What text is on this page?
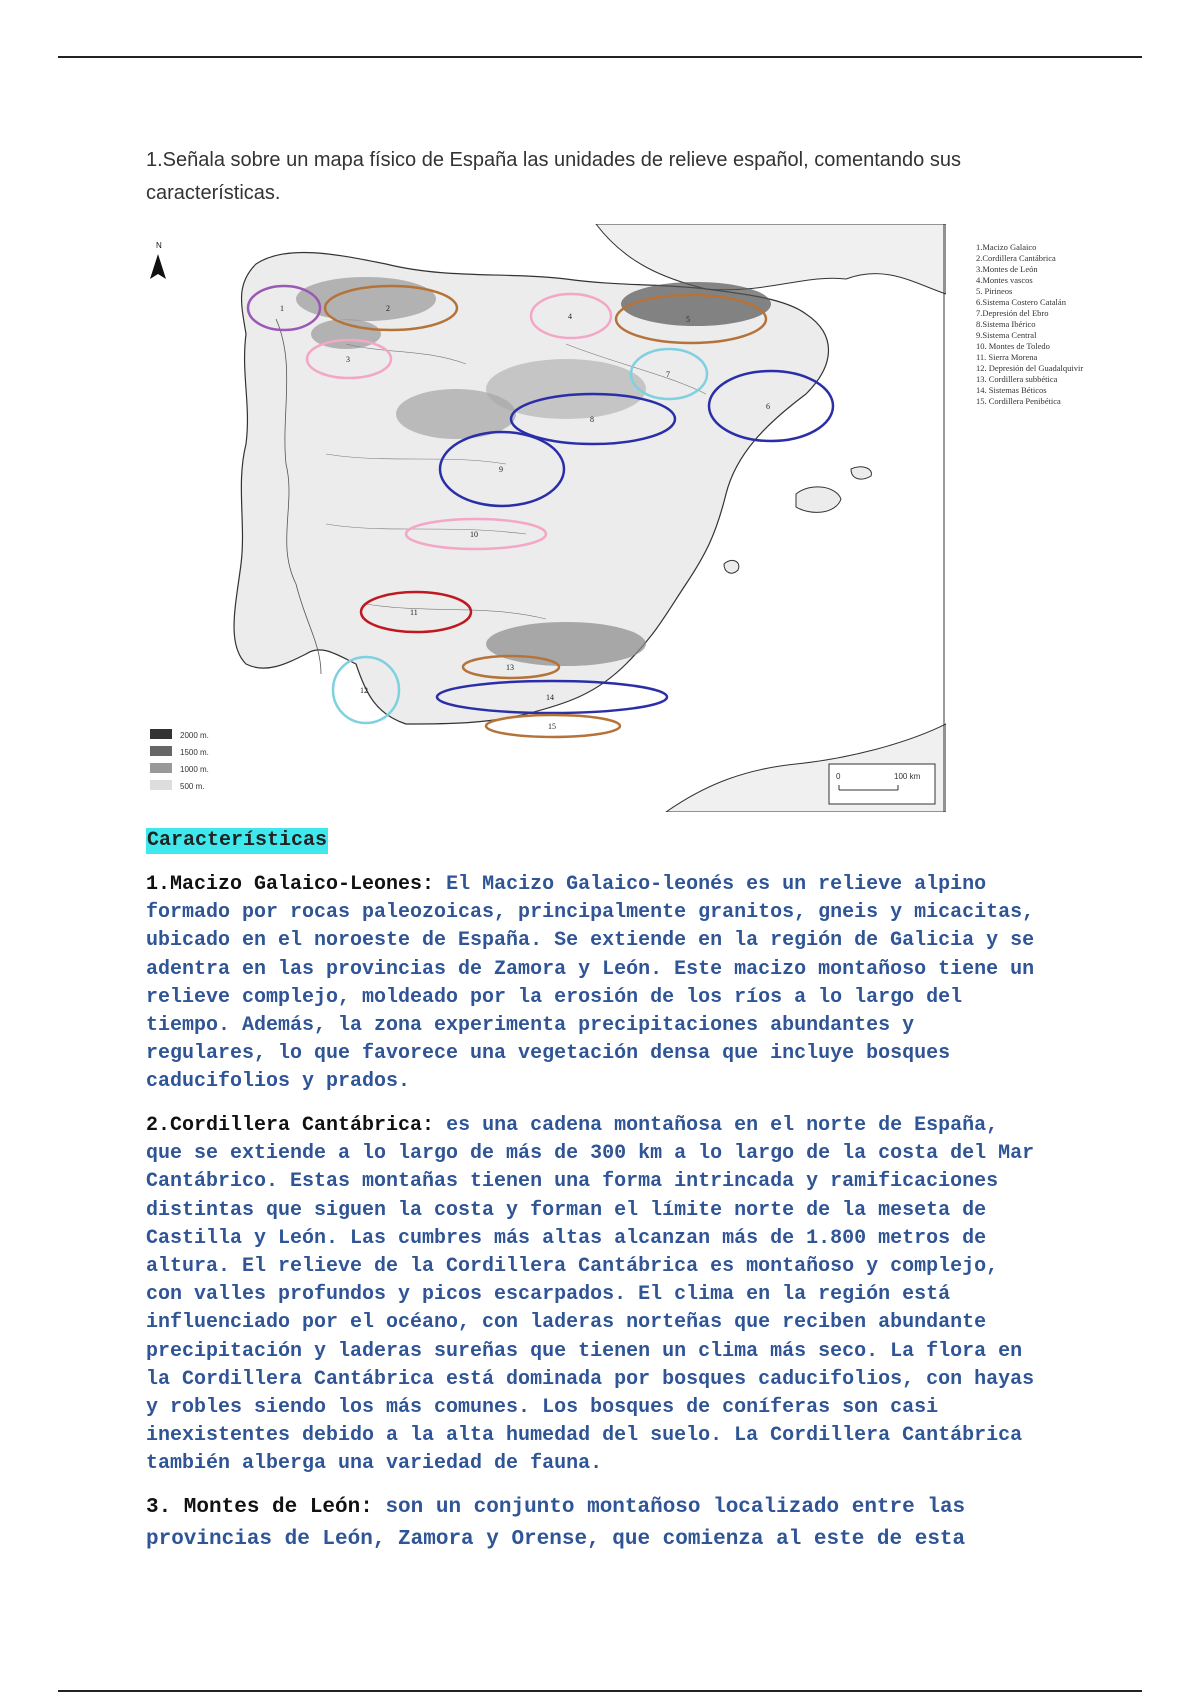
1.Señala sobre un mapa físico de España las unidades de relieve español, comentando sus características.
N
1	2
3
4	5
6
7
8
9
10
11
12
13
14
15
2000 m.
1500 m.
1000 m.
500 m.
0	100 km
1.Macizo Galaico
2.Cordillera Cantábrica
3.Montes de León
4.Montes vascos
5. Pirineos
6.Sistema Costero Catalán
7.Depresión del Ebro
8.Sistema Ibérico
9.Sistema Central
10. Montes de Toledo
11. Sierra Morena
12. Depresión del Guadalquivir
13. Cordillera subbética
14. Sistemas Béticos
15. Cordillera Penibética
Características
1.Macizo Galaico-Leones: El Macizo Galaico-leonés es un relieve alpino
formado por rocas paleozoicas, principalmente granitos, gneis y micacitas,
ubicado en el noroeste de España. Se extiende en la región de Galicia y se
adentra en las provincias de Zamora y León. Este macizo montañoso tiene un
relieve complejo, moldeado por la erosión de los ríos a lo largo del
tiempo. Además, la zona experimenta precipitaciones abundantes y
regulares, lo que favorece una vegetación densa que incluye bosques
caducifolios y prados.
2.Cordillera Cantábrica: es una cadena montañosa en el norte de España,
que se extiende a lo largo de más de 300 km a lo largo de la costa del Mar
Cantábrico. Estas montañas tienen una forma intrincada y ramificaciones
distintas que siguen la costa y forman el límite norte de la meseta de
Castilla y León. Las cumbres más altas alcanzan más de 1.800 metros de
altura. El relieve de la Cordillera Cantábrica es montañoso y complejo,
con valles profundos y picos escarpados. El clima en la región está
influenciado por el océano, con laderas norteñas que reciben abundante
precipitación y laderas sureñas que tienen un clima más seco. La flora en
la Cordillera Cantábrica está dominada por bosques caducifolios, con hayas
y robles siendo los más comunes. Los bosques de coníferas son casi
inexistentes debido a la alta humedad del suelo. La Cordillera Cantábrica
también alberga una variedad de fauna.
3. Montes de León: son un conjunto montañoso localizado entre las
provincias de León, Zamora y Orense, que comienza al este de esta
